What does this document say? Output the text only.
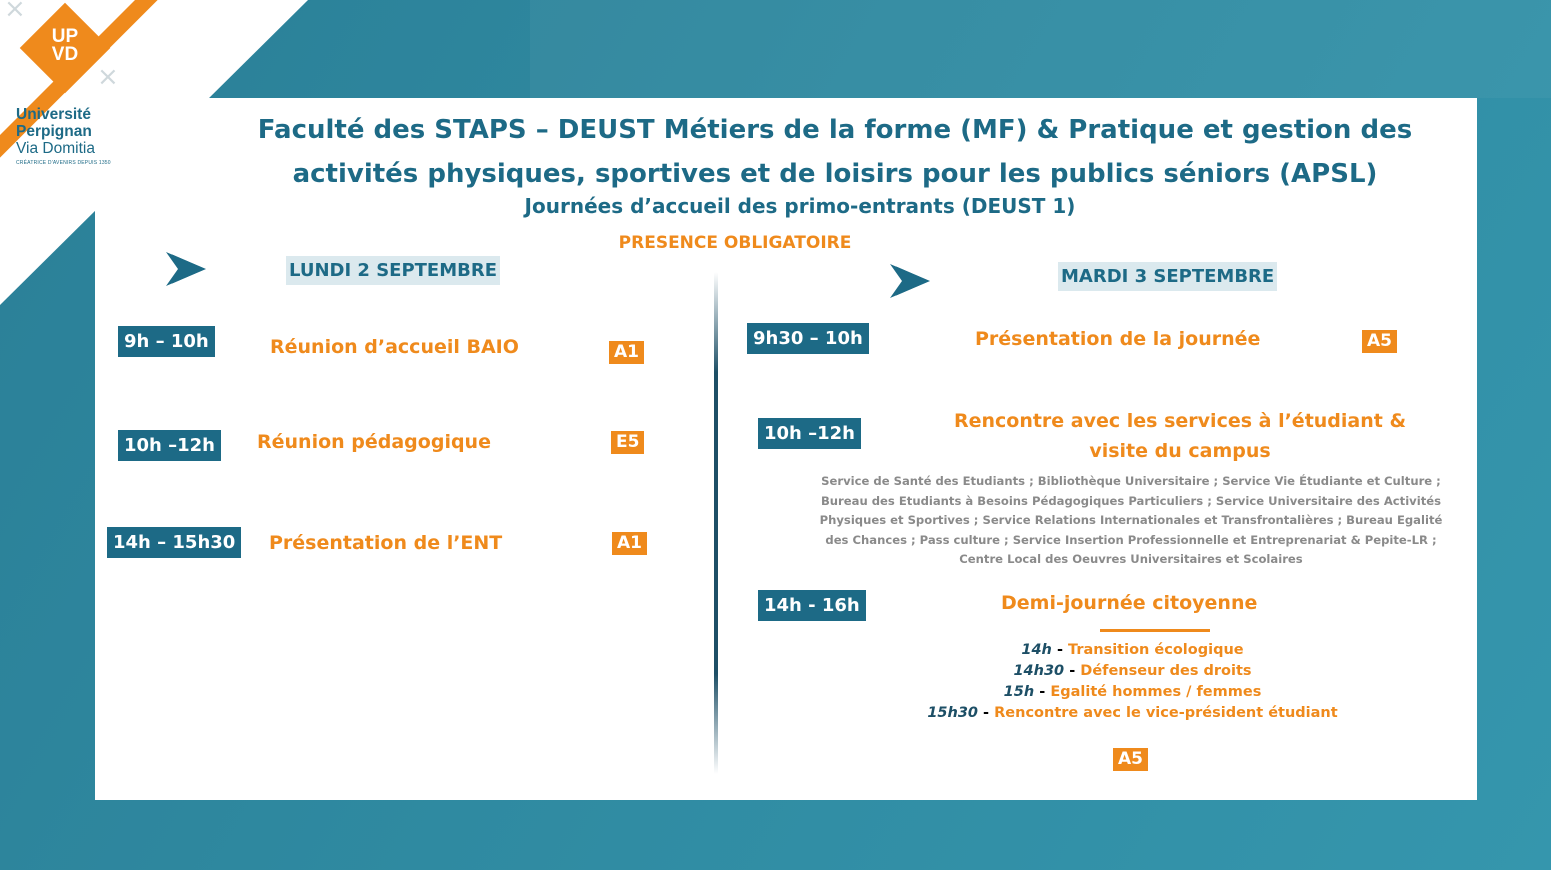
×
×
UP
VD
Université
Perpignan
Via Domitia
CRÉATRICE D'AVENIRS DEPUIS 1350
Faculté des STAPS – DEUST Métiers de la forme (MF) & Pratique et gestion des
activités physiques, sportives et de loisirs pour les publics séniors (APSL)
Journées d’accueil des primo-entrants (DEUST 1)
PRESENCE OBLIGATOIRE
LUNDI 2 SEPTEMBRE
9h – 10h	Réunion d’accueil BAIO	A1
10h –12h	Réunion pédagogique	E5
14h – 15h30	Présentation de l’ENT	A1
MARDI 3 SEPTEMBRE
9h30 – 10h	Présentation de la journée	A5
10h –12h
Rencontre avec les services à l’étudiant &
visite du campus
Service de Santé des Etudiants ; Bibliothèque Universitaire ; Service Vie Étudiante et Culture ;
Bureau des Etudiants à Besoins Pédagogiques Particuliers ; Service Universitaire des Activités
Physiques et Sportives ; Service Relations Internationales et Transfrontalières ; Bureau Egalité
des Chances ; Pass culture ; Service Insertion Professionnelle et Entreprenariat & Pepite-LR ;
Centre Local des Oeuvres Universitaires et Scolaires
14h - 16h	Demi-journée citoyenne
14h - Transition écologique
14h30 - Défenseur des droits
15h - Egalité hommes / femmes
15h30 - Rencontre avec le vice-président étudiant
A5
